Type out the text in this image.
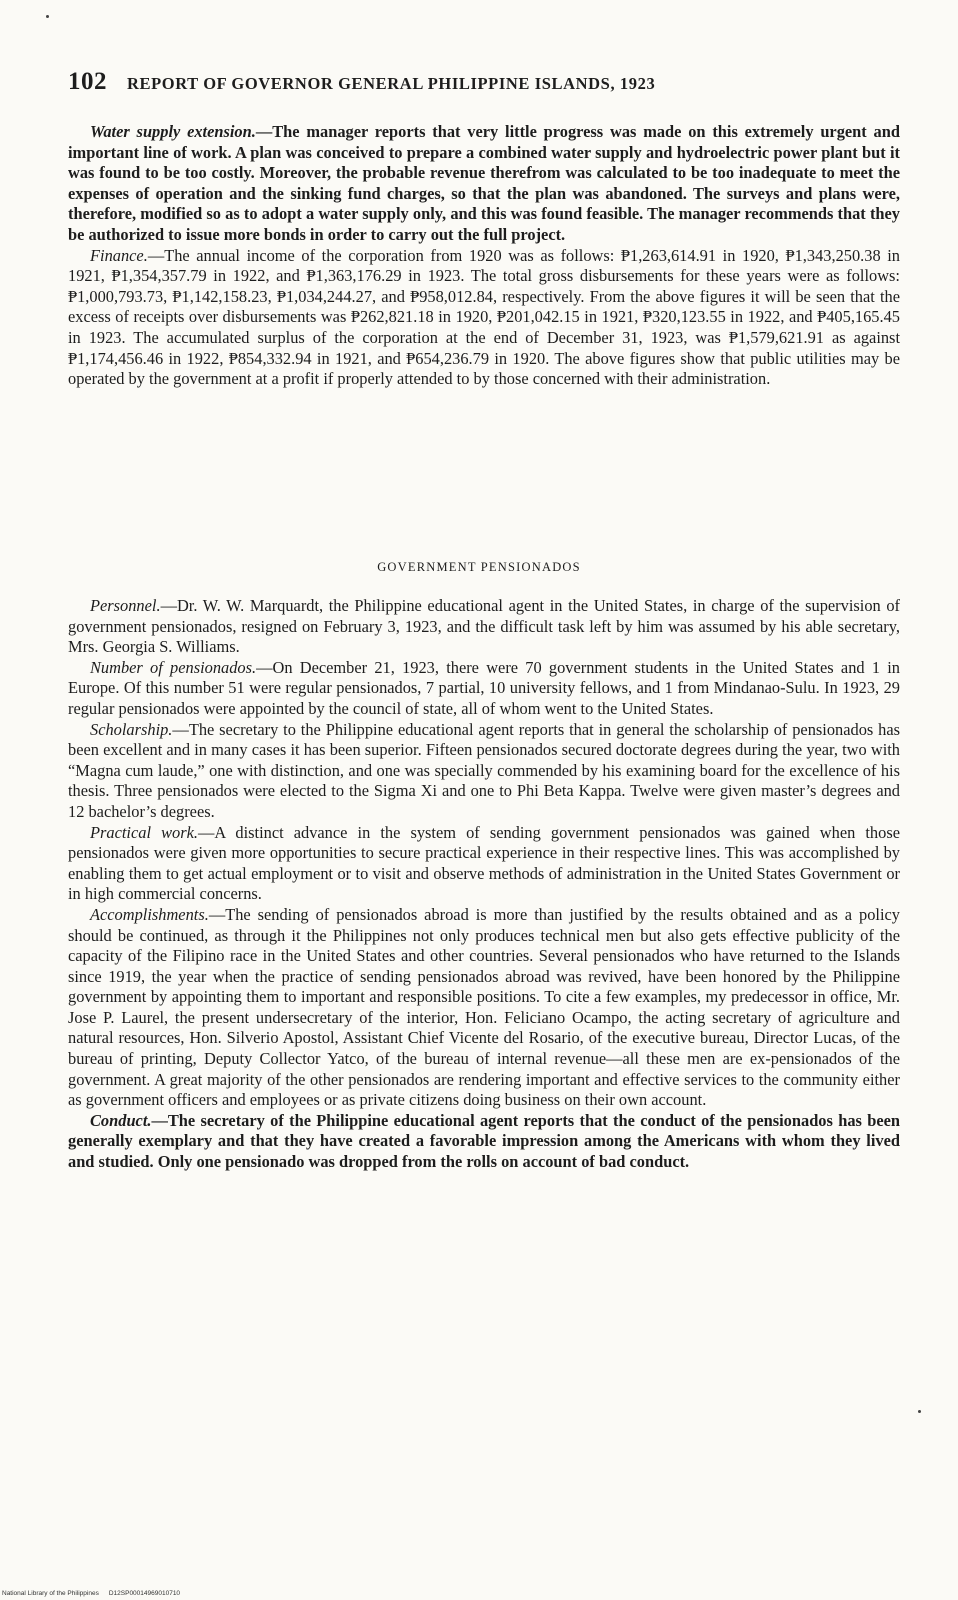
102 REPORT OF GOVERNOR GENERAL PHILIPPINE ISLANDS, 1923

Water supply extension.—The manager reports that very little progress was made on this extremely urgent and important line of work. A plan was conceived to prepare a combined water supply and hydroelectric power plant but it was found to be too costly. Moreover, the probable revenue therefrom was calculated to be too inadequate to meet the expenses of operation and the sinking fund charges, so that the plan was abandoned. The surveys and plans were, therefore, modified so as to adopt a water supply only, and this was found feasible. The manager recommends that they be authorized to issue more bonds in order to carry out the full project.

Finance.—The annual income of the corporation from 1920 was as follows: ₱1,263,614.91 in 1920, ₱1,343,250.38 in 1921, ₱1,354,357.79 in 1922, and ₱1,363,176.29 in 1923. The total gross disbursements for these years were as follows: ₱1,000,793.73, ₱1,142,158.23, ₱1,034,244.27, and ₱958,012.84, respectively. From the above figures it will be seen that the excess of receipts over disbursements was ₱262,821.18 in 1920, ₱201,042.15 in 1921, ₱320,123.55 in 1922, and ₱405,165.45 in 1923. The accumulated surplus of the corporation at the end of December 31, 1923, was ₱1,579,621.91 as against ₱1,174,456.46 in 1922, ₱854,332.94 in 1921, and ₱654,236.79 in 1920. The above figures show that public utilities may be operated by the government at a profit if properly attended to by those concerned with their administration.

GOVERNMENT PENSIONADOS

Personnel.—Dr. W. W. Marquardt, the Philippine educational agent in the United States, in charge of the supervision of government pensionados, resigned on February 3, 1923, and the difficult task left by him was assumed by his able secretary, Mrs. Georgia S. Williams.

Number of pensionados.—On December 21, 1923, there were 70 government students in the United States and 1 in Europe. Of this number 51 were regular pensionados, 7 partial, 10 university fellows, and 1 from Mindanao-Sulu. In 1923, 29 regular pensionados were appointed by the council of state, all of whom went to the United States.

Scholarship.—The secretary to the Philippine educational agent reports that in general the scholarship of pensionados has been excellent and in many cases it has been superior. Fifteen pensionados secured doctorate degrees during the year, two with “Magna cum laude,” one with distinction, and one was specially commended by his examining board for the excellence of his thesis. Three pensionados were elected to the Sigma Xi and one to Phi Beta Kappa. Twelve were given master’s degrees and 12 bachelor’s degrees.

Practical work.—A distinct advance in the system of sending government pensionados was gained when those pensionados were given more opportunities to secure practical experience in their respective lines. This was accomplished by enabling them to get actual employment or to visit and observe methods of administration in the United States Government or in high commercial concerns.

Accomplishments.—The sending of pensionados abroad is more than justified by the results obtained and as a policy should be continued, as through it the Philippines not only produces technical men but also gets effective publicity of the capacity of the Filipino race in the United States and other countries. Several pensionados who have returned to the Islands since 1919, the year when the practice of sending pensionados abroad was revived, have been honored by the Philippine government by appointing them to important and responsible positions. To cite a few examples, my predecessor in office, Mr. Jose P. Laurel, the present undersecretary of the interior, Hon. Feliciano Ocampo, the acting secretary of agriculture and natural resources, Hon. Silverio Apostol, Assistant Chief Vicente del Rosario, of the executive bureau, Director Lucas, of the bureau of printing, Deputy Collector Yatco, of the bureau of internal revenue—all these men are ex-pensionados of the government. A great majority of the other pensionados are rendering important and effective services to the community either as government officers and employees or as private citizens doing business on their own account.

Conduct.—The secretary of the Philippine educational agent reports that the conduct of the pensionados has been generally exemplary and that they have created a favorable impression among the Americans with whom they lived and studied. Only one pensionado was dropped from the rolls on account of bad conduct.

National Library of the Philippines D12SP00014969010710
